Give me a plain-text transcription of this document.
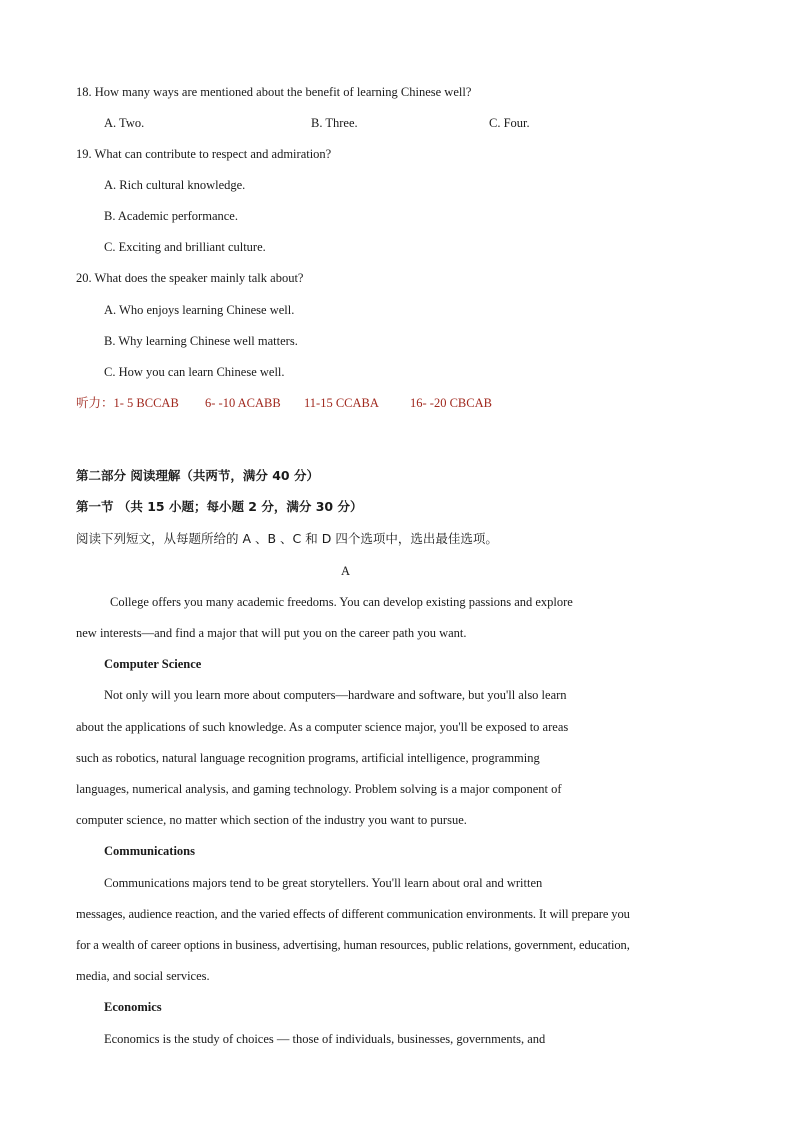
18. How many ways are mentioned about the benefit of learning Chinese well?
A. Two.	B. Three.	C. Four.
19. What can contribute to respect and admiration?
A. Rich cultural knowledge.
B. Academic performance.
C. Exciting and brilliant culture.
20. What does the speaker mainly talk about?
A. Who enjoys learning Chinese well.
B. Why learning Chinese well matters.
C. How you can learn Chinese well.
听力：1- 5 BCCAB 6- -10 ACABB 11-15 CCABA 16- -20 CBCAB
第二部分 阅读理解（共两节，满分 40 分）
第一节 （共 15 小题；每小题 2 分，满分 30 分）
阅读下列短文，从每题所给的 A 、B 、C 和 D 四个选项中，选出最佳选项。
A
College offers you many academic freedoms. You can develop existing passions and explore
new interests—and find a major that will put you on the career path you want.
Computer Science
Not only will you learn more about computers—hardware and software, but you'll also learn
about the applications of such knowledge. As a computer science major, you'll be exposed to areas
such as robotics, natural language recognition programs, artificial intelligence, programming
languages, numerical analysis, and gaming technology. Problem solving is a major component of
computer science, no matter which section of the industry you want to pursue.
Communications
Communications majors tend to be great storytellers. You'll learn about oral and written
messages, audience reaction, and the varied effects of different communication environments. It will prepare you
for a wealth of career options in business, advertising, human resources, public relations, government, education,
media, and social services.
Economics
Economics is the study of choices — those of individuals, businesses, governments, and
